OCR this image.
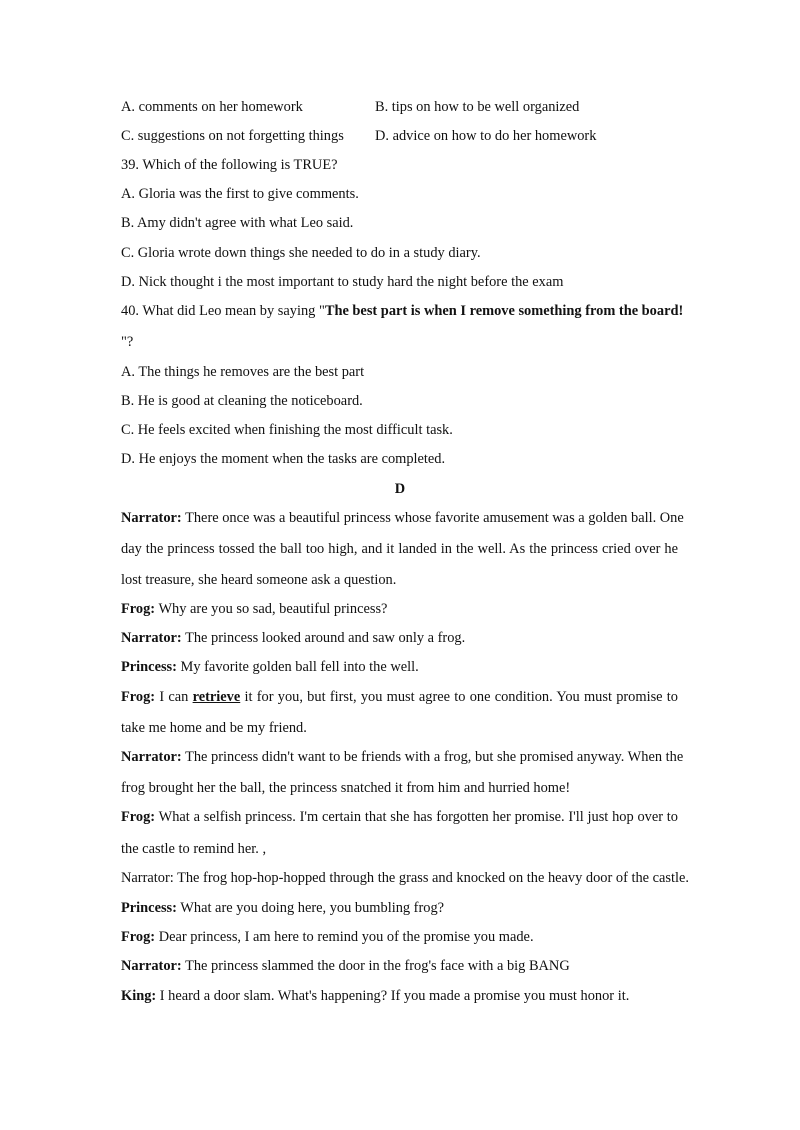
A. comments on her homework	B. tips on how to be well organized
C. suggestions on not forgetting things D. advice on how to do her homework
39. Which of the following is TRUE?
A. Gloria was the first to give comments.
B. Amy didn't agree with what Leo said.
C. Gloria wrote down things she needed to do in a study diary.
D. Nick thought i the most important to study hard the night before the exam
40. What did Leo mean by saying "The best part is when I remove something from the board!
"?
A. The things he removes are the best part
B. He is good at cleaning the noticeboard.
C. He feels excited when finishing the most difficult task.
D. He enjoys the moment when the tasks are completed.
D
Narrator: There once was a beautiful princess whose favorite amusement was a golden ball. One
day the princess tossed the ball too high, and it landed in the well. As the princess cried over he
lost treasure, she heard someone ask a question.
Frog: Why are you so sad, beautiful princess?
Narrator: The princess looked around and saw only a frog.
Princess: My favorite golden ball fell into the well.
Frog: I can retrieve it for you, but first, you must agree to one condition. You must promise to
take me home and be my friend.
Narrator: The princess didn't want to be friends with a frog, but she promised anyway. When the
frog brought her the ball, the princess snatched it from him and hurried home!
Frog: What a selfish princess. I'm certain that she has forgotten her promise. I'll just hop over to
the castle to remind her. ,
Narrator: The frog hop-hop-hopped through the grass and knocked on the heavy door of the castle.
Princess: What are you doing here, you bumbling frog?
Frog: Dear princess, I am here to remind you of the promise you made.
Narrator: The princess slammed the door in the frog's face with a big BANG
King: I heard a door slam. What's happening? If you made a promise you must honor it.
